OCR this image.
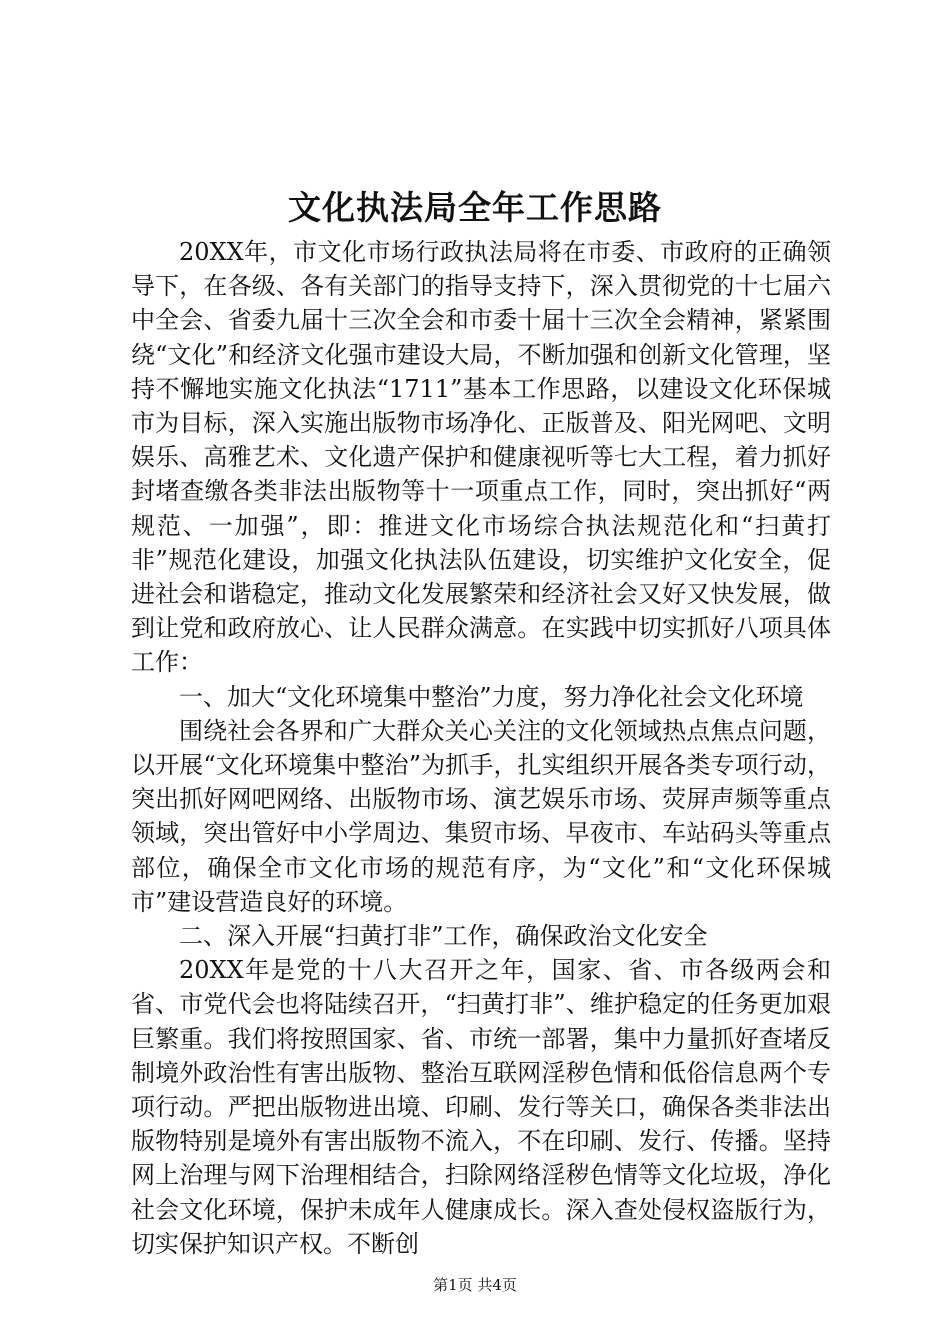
文化执法局全年工作思路

20XX年，市文化市场行政执法局将在市委、市政府的正确领导下，在各级、各有关部门的指导支持下，深入贯彻党的十七届六中全会、省委九届十三次全会和市委十届十三次全会精神，紧紧围绕“文化”和经济文化强市建设大局，不断加强和创新文化管理，坚持不懈地实施文化执法“1711”基本工作思路，以建设文化环保城市为目标，深入实施出版物市场净化、正版普及、阳光网吧、文明娱乐、高雅艺术、文化遗产保护和健康视听等七大工程，着力抓好封堵查缴各类非法出版物等十一项重点工作，同时，突出抓好“两规范、一加强”，即：推进文化市场综合执法规范化和“扫黄打非”规范化建设，加强文化执法队伍建设，切实维护文化安全，促进社会和谐稳定，推动文化发展繁荣和经济社会又好又快发展，做到让党和政府放心、让人民群众满意。在实践中切实抓好八项具体工作：

一、加大“文化环境集中整治”力度，努力净化社会文化环境

围绕社会各界和广大群众关心关注的文化领域热点焦点问题，以开展“文化环境集中整治”为抓手，扎实组织开展各类专项行动，突出抓好网吧网络、出版物市场、演艺娱乐市场、荧屏声频等重点领域，突出管好中小学周边、集贸市场、早夜市、车站码头等重点部位，确保全市文化市场的规范有序，为“文化”和“文化环保城市”建设营造良好的环境。

二、深入开展“扫黄打非”工作，确保政治文化安全

20XX年是党的十八大召开之年，国家、省、市各级两会和省、市党代会也将陆续召开，“扫黄打非”、维护稳定的任务更加艰巨繁重。我们将按照国家、省、市统一部署，集中力量抓好查堵反制境外政治性有害出版物、整治互联网淫秽色情和低俗信息两个专项行动。严把出版物进出境、印刷、发行等关口，确保各类非法出版物特别是境外有害出版物不流入，不在印刷、发行、传播。坚持网上治理与网下治理相结合，扫除网络淫秽色情等文化垃圾，净化社会文化环境，保护未成年人健康成长。深入查处侵权盗版行为，切实保护知识产权。不断创

第1页 共4页
